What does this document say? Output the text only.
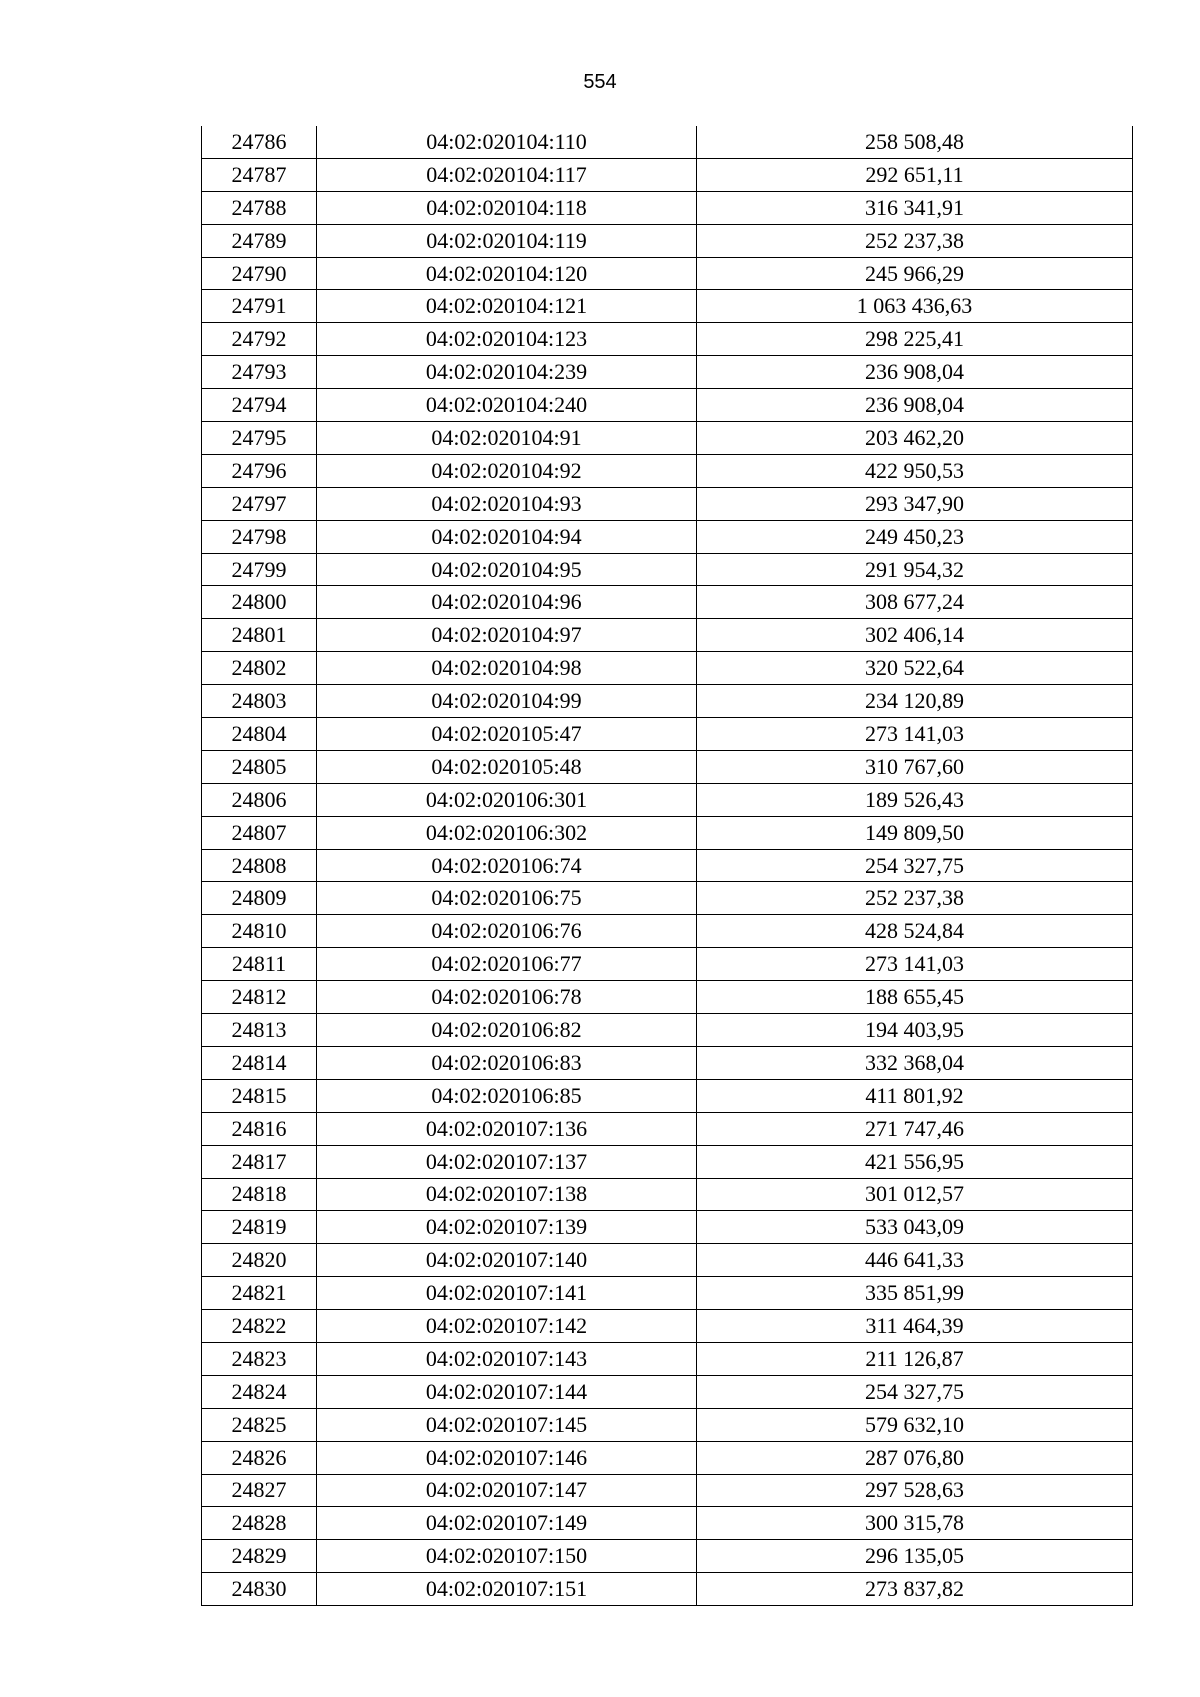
554
24786	04:02:020104:110	258 508,48
24787	04:02:020104:117	292 651,11
24788	04:02:020104:118	316 341,91
24789	04:02:020104:119	252 237,38
24790	04:02:020104:120	245 966,29
24791	04:02:020104:121	1 063 436,63
24792	04:02:020104:123	298 225,41
24793	04:02:020104:239	236 908,04
24794	04:02:020104:240	236 908,04
24795	04:02:020104:91	203 462,20
24796	04:02:020104:92	422 950,53
24797	04:02:020104:93	293 347,90
24798	04:02:020104:94	249 450,23
24799	04:02:020104:95	291 954,32
24800	04:02:020104:96	308 677,24
24801	04:02:020104:97	302 406,14
24802	04:02:020104:98	320 522,64
24803	04:02:020104:99	234 120,89
24804	04:02:020105:47	273 141,03
24805	04:02:020105:48	310 767,60
24806	04:02:020106:301	189 526,43
24807	04:02:020106:302	149 809,50
24808	04:02:020106:74	254 327,75
24809	04:02:020106:75	252 237,38
24810	04:02:020106:76	428 524,84
24811	04:02:020106:77	273 141,03
24812	04:02:020106:78	188 655,45
24813	04:02:020106:82	194 403,95
24814	04:02:020106:83	332 368,04
24815	04:02:020106:85	411 801,92
24816	04:02:020107:136	271 747,46
24817	04:02:020107:137	421 556,95
24818	04:02:020107:138	301 012,57
24819	04:02:020107:139	533 043,09
24820	04:02:020107:140	446 641,33
24821	04:02:020107:141	335 851,99
24822	04:02:020107:142	311 464,39
24823	04:02:020107:143	211 126,87
24824	04:02:020107:144	254 327,75
24825	04:02:020107:145	579 632,10
24826	04:02:020107:146	287 076,80
24827	04:02:020107:147	297 528,63
24828	04:02:020107:149	300 315,78
24829	04:02:020107:150	296 135,05
24830	04:02:020107:151	273 837,82
